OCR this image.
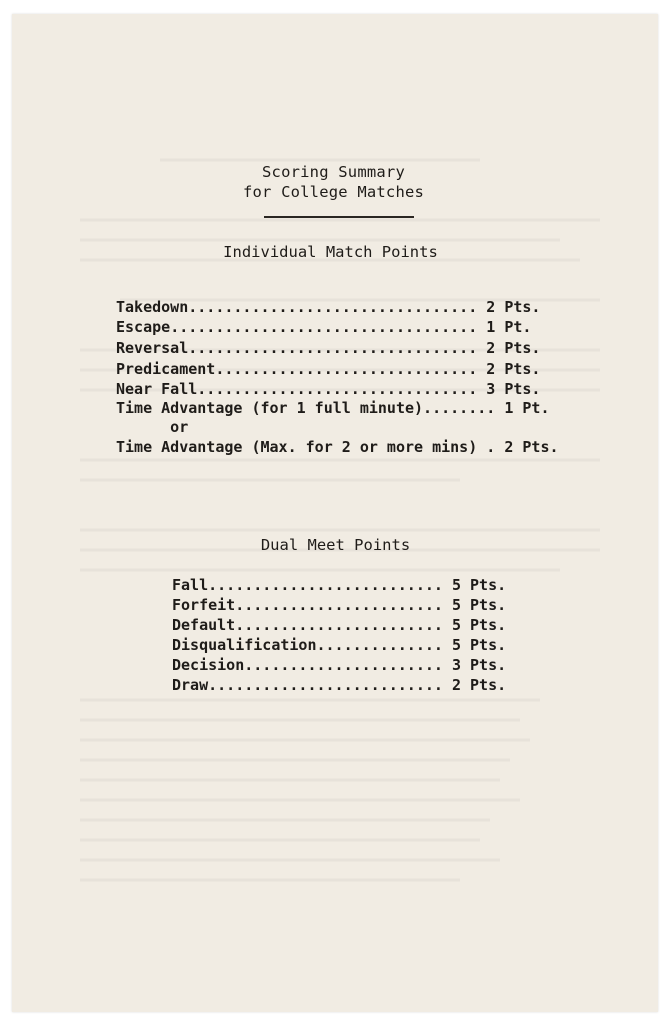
Scoring Summary
for College Matches
Individual Match Points
Takedown................................ 2 Pts.
Escape.................................. 1 Pt.
Reversal................................ 2 Pts.
Predicament............................. 2 Pts.
Near Fall............................... 3 Pts.
Time Advantage (for 1 full minute)........ 1 Pt.
or
Time Advantage (Max. for 2 or more mins) . 2 Pts.
Dual Meet Points
Fall.......................... 5 Pts.
Forfeit....................... 5 Pts.
Default....................... 5 Pts.
Disqualification.............. 5 Pts.
Decision...................... 3 Pts.
Draw.......................... 2 Pts.
